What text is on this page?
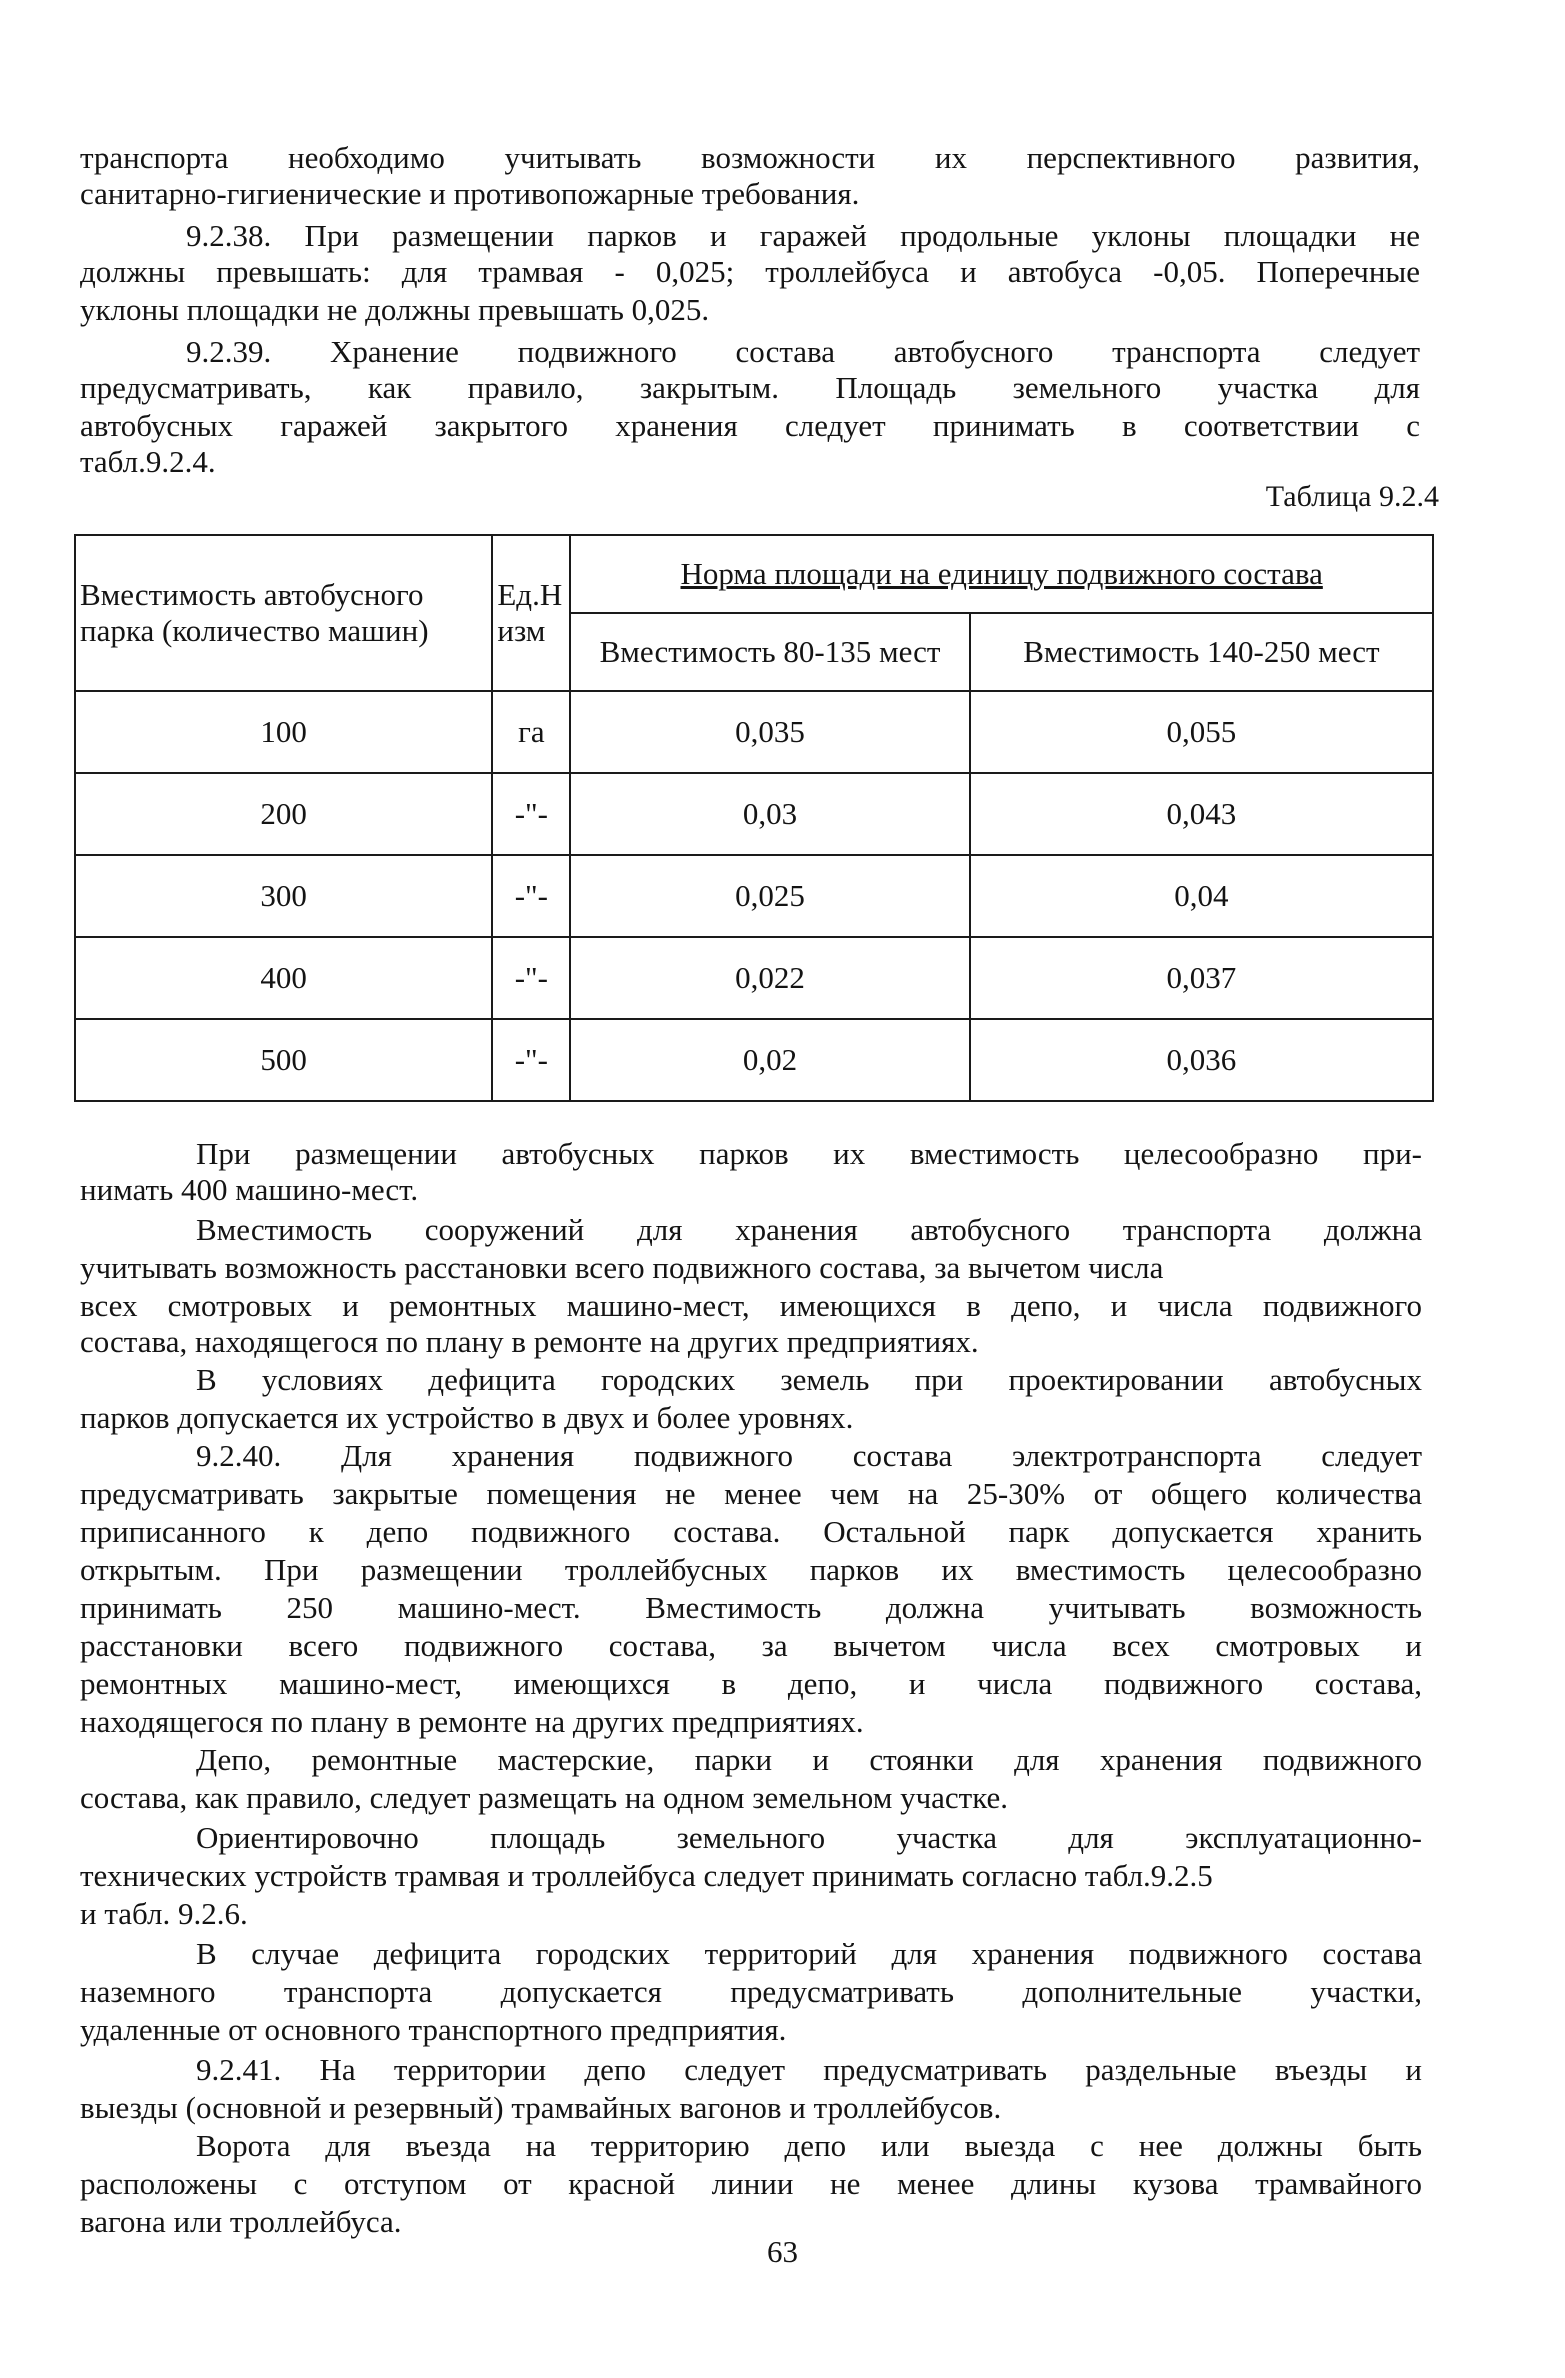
транспорта необходимо учитывать возможности их перспективного развития,
санитарно-гигиенические и противопожарные требования.
9.2.38. При размещении парков и гаражей продольные уклоны площадки не
должны превышать: для трамвая - 0,025; троллейбуса и автобуса -0,05. Поперечные
уклоны площадки не должны превышать 0,025.
9.2.39. Хранение подвижного состава автобусного транспорта следует
предусматривать, как правило, закрытым. Площадь земельного участка для
автобусных гаражей закрытого хранения следует принимать в соответствии с
табл.9.2.4.
Таблица 9.2.4
Вместимость автобусного парка (количество машин)	Ед.Н изм	Норма площади на единицу подвижного состава	
		Вместимость 80-135 мест	Вместимость 140-250 мест
100	га	0,035	0,055
200	-"-	0,03	0,043
300	-"-	0,025	0,04
400	-"-	0,022	0,037
500	-"-	0,02	0,036
При размещении автобусных парков их вместимость целесообразно при-
нимать 400 машино-мест.
Вместимость сооружений для хранения автобусного транспорта должна
учитывать возможность расстановки всего подвижного состава, за вычетом числа
всех смотровых и ремонтных машино-мест, имеющихся в депо, и числа подвижного
состава, находящегося по плану в ремонте на других предприятиях.
В условиях дефицита городских земель при проектировании автобусных
парков допускается их устройство в двух и более уровнях.
9.2.40. Для хранения подвижного состава электротранспорта следует
предусматривать закрытые помещения не менее чем на 25-30% от общего количества
приписанного к депо подвижного состава. Остальной парк допускается хранить
открытым. При размещении троллейбусных парков их вместимость целесообразно
принимать 250 машино-мест. Вместимость должна учитывать возможность
расстановки всего подвижного состава, за вычетом числа всех смотровых и
ремонтных машино-мест, имеющихся в депо, и числа подвижного состава,
находящегося по плану в ремонте на других предприятиях.
Депо, ремонтные мастерские, парки и стоянки для хранения подвижного
состава, как правило, следует размещать на одном земельном участке.
Ориентировочно площадь земельного участка для эксплуатационно-
технических устройств трамвая и троллейбуса следует принимать согласно табл.9.2.5
и табл. 9.2.6.
В случае дефицита городских территорий для хранения подвижного состава
наземного транспорта допускается предусматривать дополнительные участки,
удаленные от основного транспортного предприятия.
9.2.41. На территории депо следует предусматривать раздельные въезды и
выезды (основной и резервный) трамвайных вагонов и троллейбусов.
Ворота для въезда на территорию депо или выезда с нее должны быть
расположены с отступом от красной линии не менее длины кузова трамвайного
вагона или троллейбуса.
63
